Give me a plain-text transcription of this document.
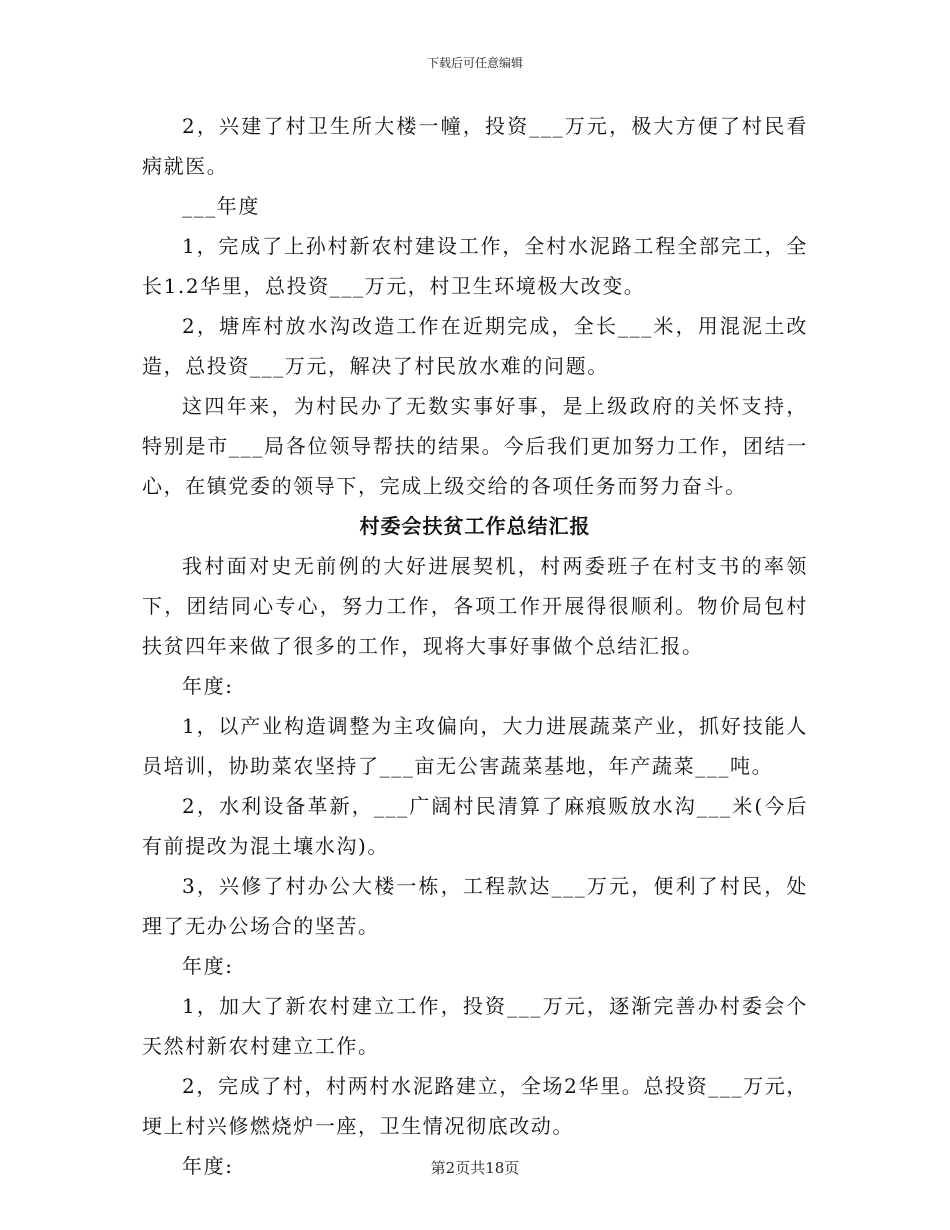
下载后可任意编辑

2，兴建了村卫生所大楼一幢，投资___万元，极大方便了村民看病就医。

___年度

1，完成了上孙村新农村建设工作，全村水泥路工程全部完工，全长1.2华里，总投资___万元，村卫生环境极大改变。

2，塘库村放水沟改造工作在近期完成，全长___米，用混泥土改造，总投资___万元，解决了村民放水难的问题。

这四年来，为村民办了无数实事好事，是上级政府的关怀支持，特别是市___局各位领导帮扶的结果。今后我们更加努力工作，团结一心，在镇党委的领导下，完成上级交给的各项任务而努力奋斗。

村委会扶贫工作总结汇报

我村面对史无前例的大好进展契机，村两委班子在村支书的率领下，团结同心专心，努力工作，各项工作开展得很顺利。物价局包村扶贫四年来做了很多的工作，现将大事好事做个总结汇报。

年度:

1，以产业构造调整为主攻偏向，大力进展蔬菜产业，抓好技能人员培训，协助菜农坚持了___亩无公害蔬菜基地，年产蔬菜___吨。

2，水利设备革新，___广阔村民清算了麻痕贩放水沟___米(今后有前提改为混土壤水沟)。

3，兴修了村办公大楼一栋，工程款达___万元，便利了村民，处理了无办公场合的坚苦。

年度:

1，加大了新农村建立工作，投资___万元，逐渐完善办村委会个天然村新农村建立工作。

2，完成了村，村两村水泥路建立，全场2华里。总投资___万元，埂上村兴修燃烧炉一座，卫生情况彻底改动。

年度:	第2页共18页
